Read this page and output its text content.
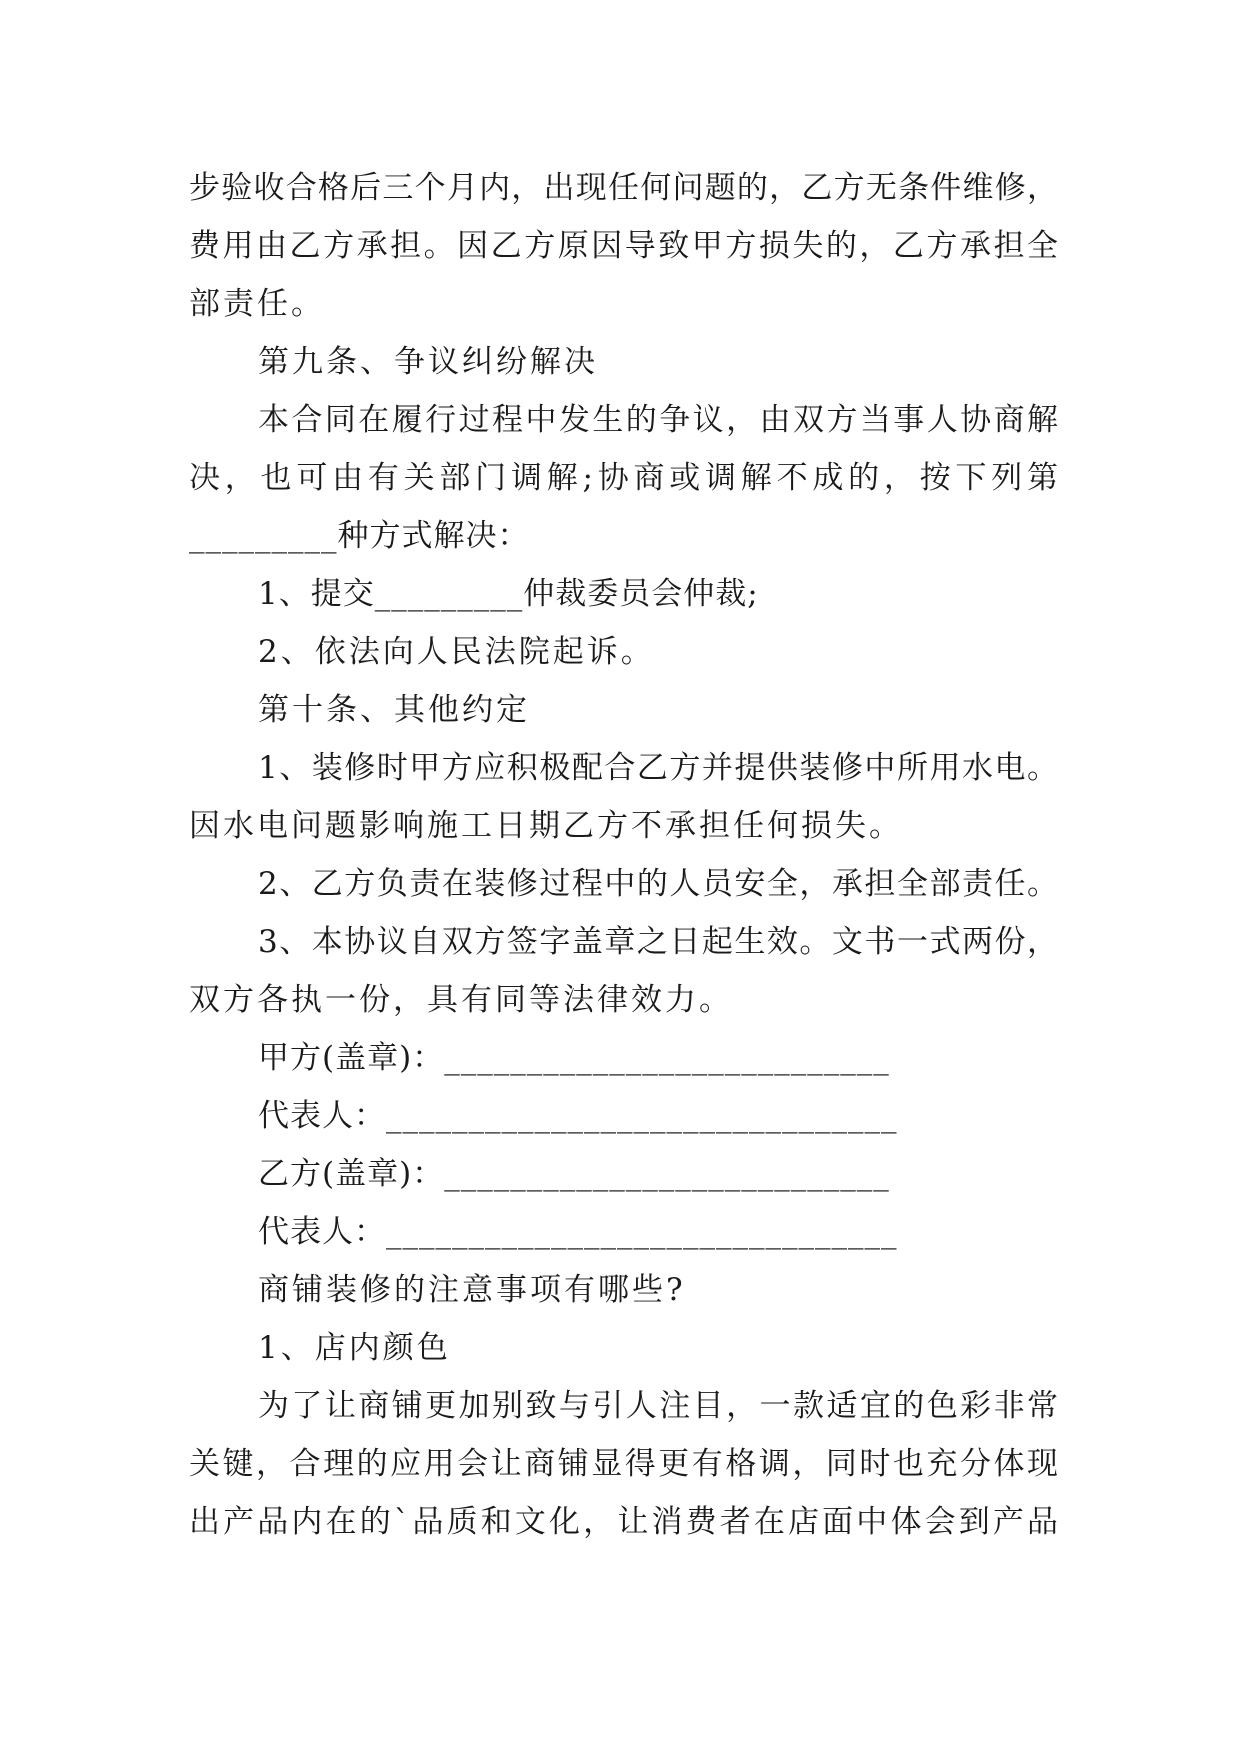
步验收合格后三个月内，出现任何问题的，乙方无条件维修，
费用由乙方承担。因乙方原因导致甲方损失的，乙方承担全
部责任。
第九条、争议纠纷解决
本合同在履行过程中发生的争议，由双方当事人协商解
决，也可由有关部门调解;协商或调解不成的，按下列第
_________种方式解决：
1、提交_________仲裁委员会仲裁;
2、依法向人民法院起诉。
第十条、其他约定
1、装修时甲方应积极配合乙方并提供装修中所用水电。
因水电问题影响施工日期乙方不承担任何损失。
2、乙方负责在装修过程中的人员安全，承担全部责任。
3、本协议自双方签字盖章之日起生效。文书一式两份，
双方各执一份，具有同等法律效力。
甲方(盖章)：___________________________
代表人：_______________________________
乙方(盖章)：___________________________
代表人：_______________________________
商铺装修的注意事项有哪些?
1、店内颜色
为了让商铺更加别致与引人注目，一款适宜的色彩非常
关键，合理的应用会让商铺显得更有格调，同时也充分体现
出产品内在的`品质和文化，让消费者在店面中体会到产品
